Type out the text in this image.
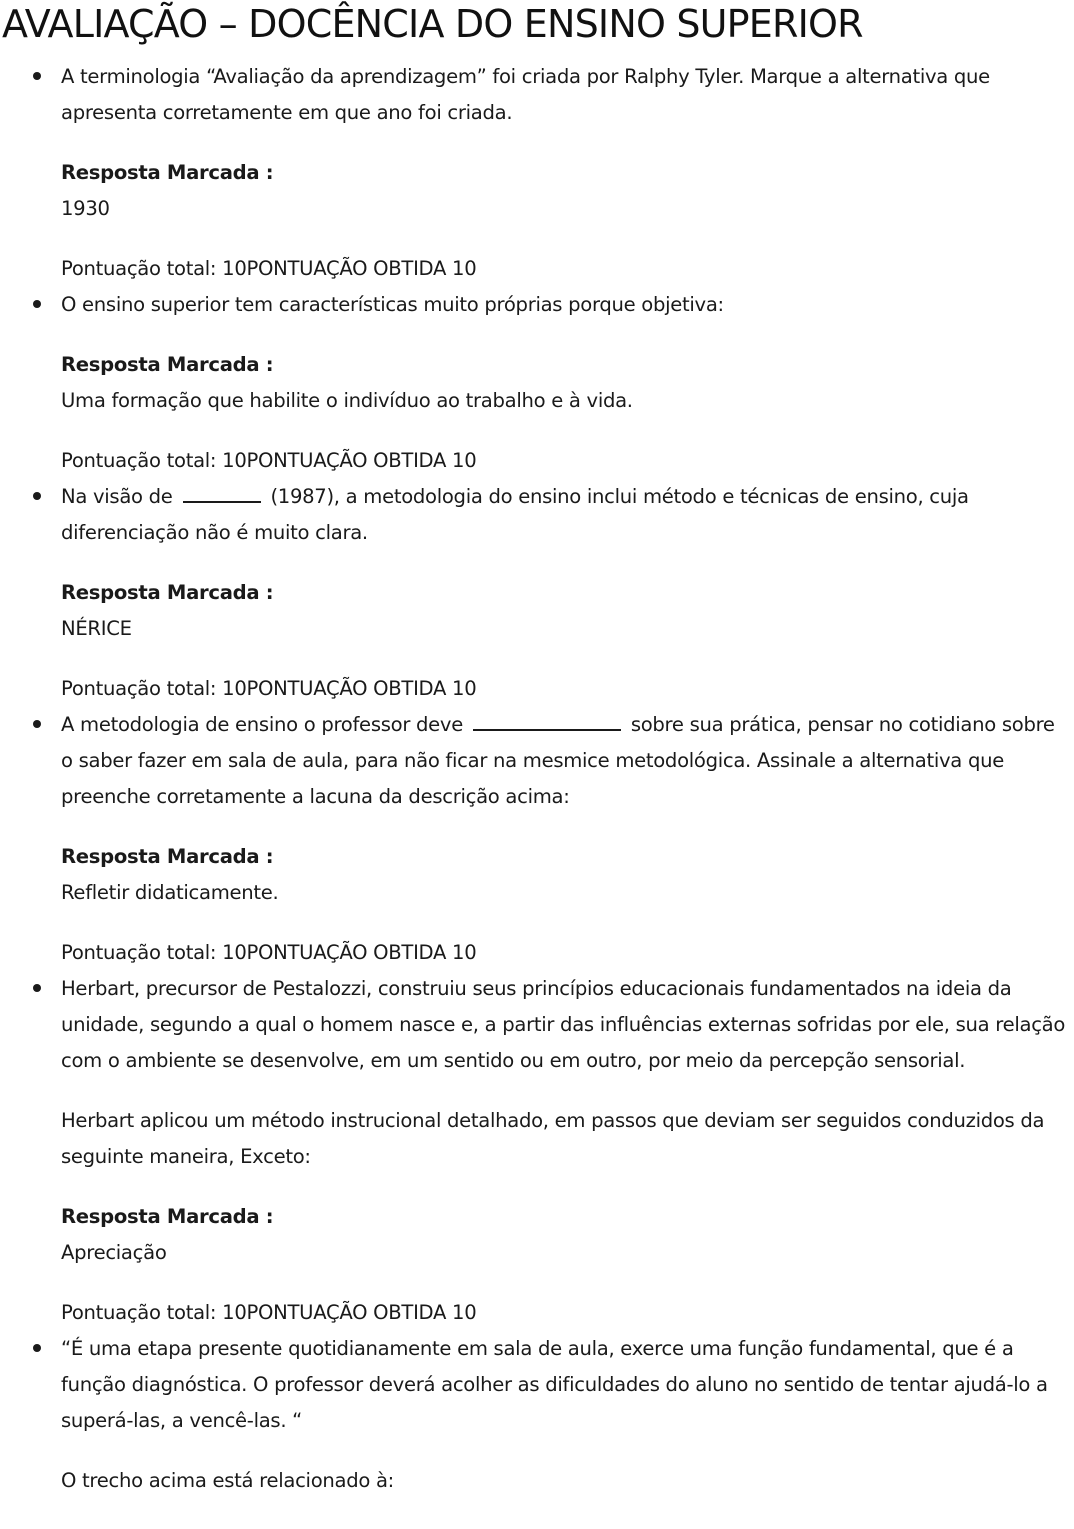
AVALIAÇÃO – DOCÊNCIA DO ENSINO SUPERIOR

A terminologia “Avaliação da aprendizagem” foi criada por Ralphy Tyler. Marque a alternativa que apresenta corretamente em que ano foi criada.

Resposta Marcada :

1930

Pontuação total: 10PONTUAÇÃO OBTIDA 10

O ensino superior tem características muito próprias porque objetiva:

Resposta Marcada :

Uma formação que habilite o indivíduo ao trabalho e à vida.

Pontuação total: 10PONTUAÇÃO OBTIDA 10

Na visão de	(1987), a metodologia do ensino inclui método e técnicas de ensino, cuja diferenciação não é muito clara.

Resposta Marcada :

NÉRICE

Pontuação total: 10PONTUAÇÃO OBTIDA 10

A metodologia de ensino o professor deve	sobre sua prática, pensar no cotidiano sobre o saber fazer em sala de aula, para não ficar na mesmice metodológica. Assinale a alternativa que preenche corretamente a lacuna da descrição acima:

Resposta Marcada :

Refletir didaticamente.

Pontuação total: 10PONTUAÇÃO OBTIDA 10

Herbart, precursor de Pestalozzi, construiu seus princípios educacionais fundamentados na ideia da unidade, segundo a qual o homem nasce e, a partir das influências externas sofridas por ele, sua relação com o ambiente se desenvolve, em um sentido ou em outro, por meio da percepção sensorial.

Herbart aplicou um método instrucional detalhado, em passos que deviam ser seguidos conduzidos da seguinte maneira, Exceto:

Resposta Marcada :

Apreciação

Pontuação total: 10PONTUAÇÃO OBTIDA 10

“É uma etapa presente quotidianamente em sala de aula, exerce uma função fundamental, que é a função diagnóstica. O professor deverá acolher as dificuldades do aluno no sentido de tentar ajudá-lo a superá-las, a vencê-las. “

O trecho acima está relacionado à:
